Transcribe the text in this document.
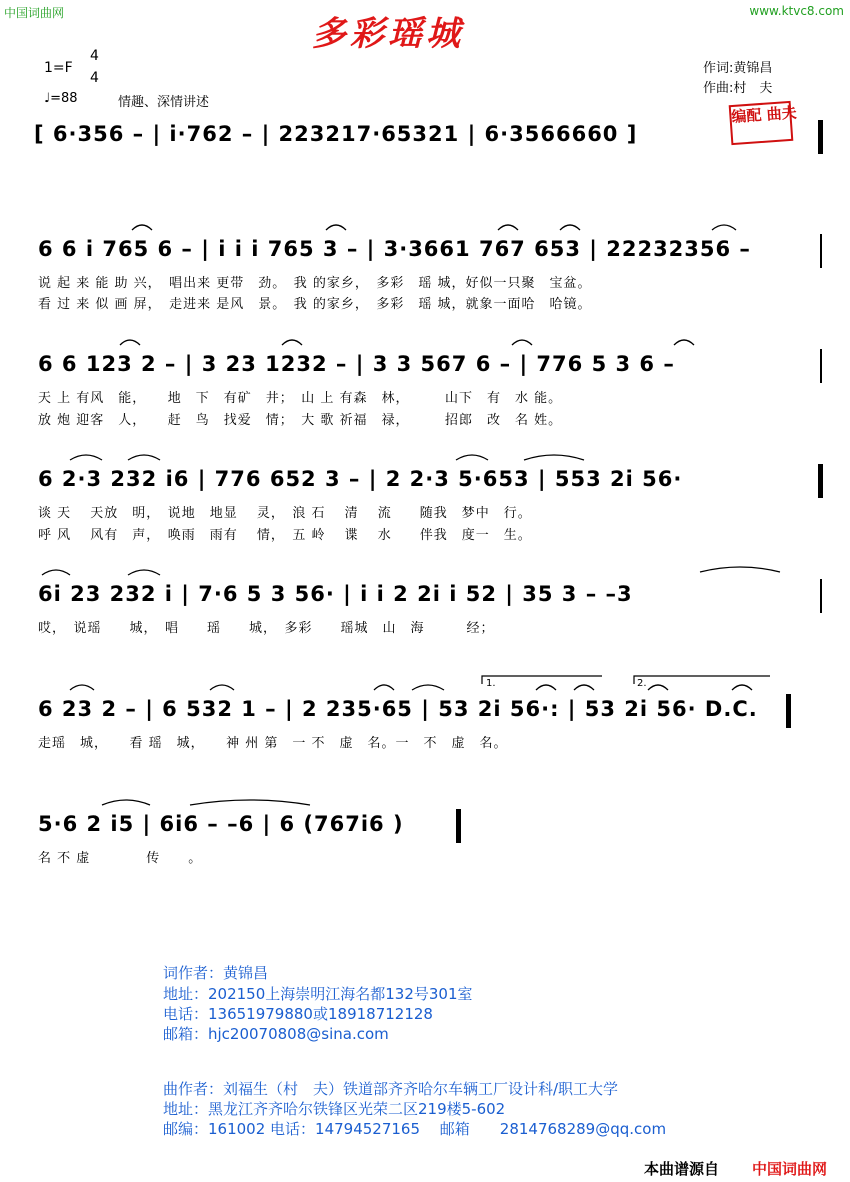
中国词曲网	www.ktvc8.com
多彩瑶城
1=F
4
4
♩=88	情趣、深情讲述
作词:黄锦昌
作曲:村　夫
编配 曲夫
[ 6·356 – | i·762 – | 223217·65321 | 6·3566660 ]
6 6 i 765 6 – | i i i 765 3 – | 3·3661 767 653 | 22232356 –
说 起 来 能 助 兴，　唱出来 更带　劲。　我 的家乡，　多彩　瑶 城，好似一只聚　宝盆。
看 过 来 似 画 屏，　走进来 是风　景。　我 的家乡，　多彩　瑶 城，就象一面哈　哈镜。
6 6 123 2 – | 3 23 1232 – | 3 3 567 6 – | 776 5 3 6 –
天 上 有风　能，　　地　下　有矿　井；　山 上 有森　林，　　　山下　有　水 能。
放 炮 迎客　人，　　赶　鸟　找爱　情；　大 歌 祈福　禄，　　　招郎　改　名 姓。
6 2·3 232 i6 | 776 652 3 – | 2 2·3 5·653 | 553 2i 56·
谈 天　 天放　明，　说地　地显　 灵，　浪 石　 清　 流　　随我　梦中　行。
呼 风　 风有　声，　唤雨　雨有　 情，　五 岭　 谍　 水　　伴我　度一　生。
6i 23 232 i | 7·6 5 3 56· | i i 2 2i i 52 | 35 3 – –3
哎，　说瑶　　城，　唱　　瑶　　城，　多彩　　瑶城　山　海　　　经；
6 23 2 – | 6 532 1 – | 2 235·65 | 53 2i 56·: | 53 2i 56· D.C.
走瑶　城，　　看 瑶　城，　　神 州 第　一 不　虚　名。一　不　虚　名。
5·6 2 i5 | 6i6 – –6 | 6 (767i6 )
名 不 虚　　　　传　　。
1.	2.
词作者：黄锦昌
地址：202150上海崇明江海名都132号301室
电话：13651979880或18918712128
邮箱：hjc20070808@sina.com
曲作者：刘福生（村　夫）铁道部齐齐哈尔车辆工厂设计科/职工大学
地址：黑龙江齐齐哈尔铁锋区光荣二区219楼5-602
邮编：161002 电话：14794527165　 邮箱　　2814768289@qq.com
本曲谱源自 中国词曲网
